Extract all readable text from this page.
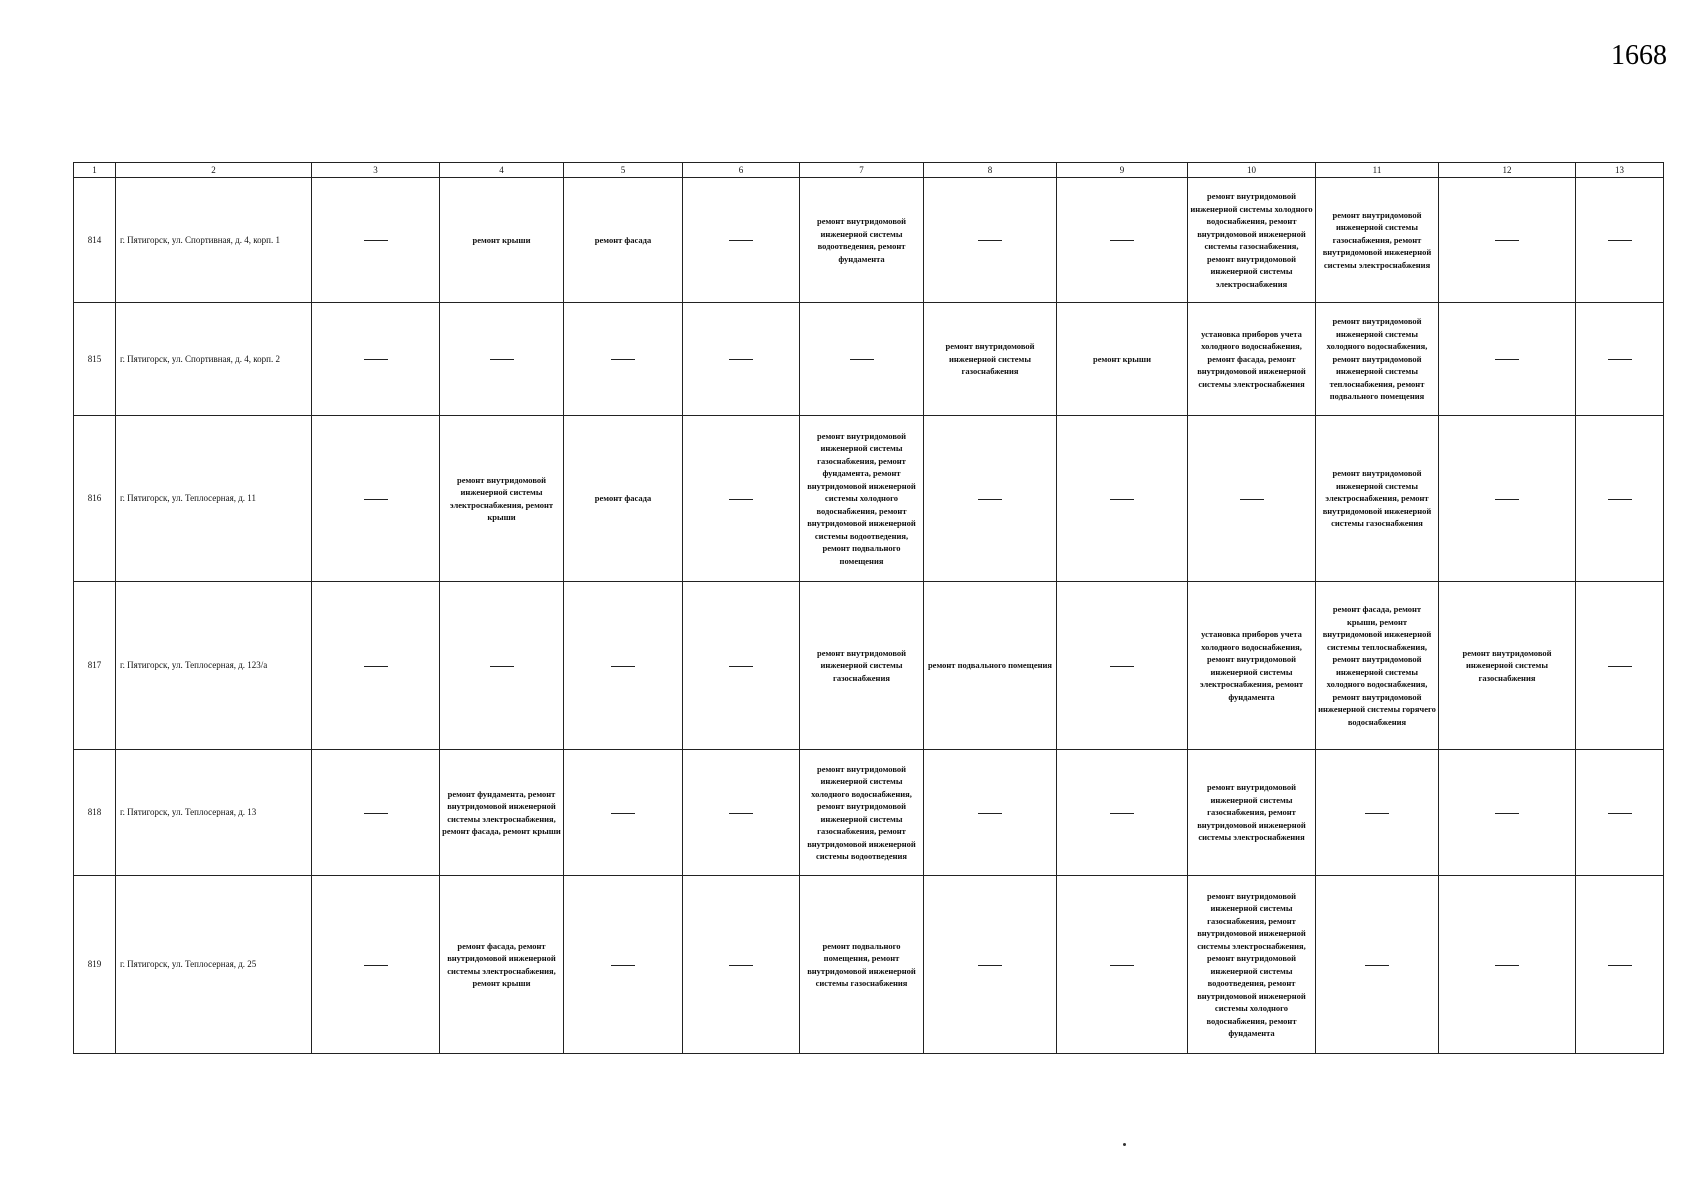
1668
1	2	3	4	5	6	7	8	9	10	11	12	13
814	г. Пятигорск, ул. Спортивная, д. 4, корп. 1		ремонт крыши	ремонт фасада		ремонт внутридомовой инженерной системы водоотведения, ремонт фундамента			ремонт внутридомовой инженерной системы холодного водоснабжения, ремонт внутридомовой инженерной системы газоснабжения, ремонт внутридомовой инженерной системы электроснабжения	ремонт внутридомовой инженерной системы газоснабжения, ремонт внутридомовой инженерной системы электроснабжения		
815	г. Пятигорск, ул. Спортивная, д. 4, корп. 2						ремонт внутридомовой инженерной системы газоснабжения	ремонт крыши	установка приборов учета холодного водоснабжения, ремонт фасада, ремонт внутридомовой инженерной системы электроснабжения	ремонт внутридомовой инженерной системы холодного водоснабжения, ремонт внутридомовой инженерной системы теплоснабжения, ремонт подвального помещения		
816	г. Пятигорск, ул. Теплосерная, д. 11		ремонт внутридомовой инженерной системы электроснабжения, ремонт крыши	ремонт фасада		ремонт внутридомовой инженерной системы газоснабжения, ремонт фундамента, ремонт внутридомовой инженерной системы холодного водоснабжения, ремонт внутридомовой инженерной системы водоотведения, ремонт подвального помещения				ремонт внутридомовой инженерной системы электроснабжения, ремонт внутридомовой инженерной системы газоснабжения		
817	г. Пятигорск, ул. Теплосерная, д. 123/а					ремонт внутридомовой инженерной системы газоснабжения	ремонт подвального помещения		установка приборов учета холодного водоснабжения, ремонт внутридомовой инженерной системы электроснабжения, ремонт фундамента	ремонт фасада, ремонт крыши, ремонт внутридомовой инженерной системы теплоснабжения, ремонт внутридомовой инженерной системы холодного водоснабжения, ремонт внутридомовой инженерной системы горячего водоснабжения	ремонт внутридомовой инженерной системы газоснабжения	
818	г. Пятигорск, ул. Теплосерная, д. 13		ремонт фундамента, ремонт внутридомовой инженерной системы электроснабжения, ремонт фасада, ремонт крыши			ремонт внутридомовой инженерной системы холодного водоснабжения, ремонт внутридомовой инженерной системы газоснабжения, ремонт внутридомовой инженерной системы водоотведения			ремонт внутридомовой инженерной системы газоснабжения, ремонт внутридомовой инженерной системы электроснабжения			
819	г. Пятигорск, ул. Теплосерная, д. 25		ремонт фасада, ремонт внутридомовой инженерной системы электроснабжения, ремонт крыши			ремонт подвального помещения, ремонт внутридомовой инженерной системы газоснабжения			ремонт внутридомовой инженерной системы газоснабжения, ремонт внутридомовой инженерной системы электроснабжения, ремонт внутридомовой инженерной системы водоотведения, ремонт внутридомовой инженерной системы холодного водоснабжения, ремонт фундамента			
